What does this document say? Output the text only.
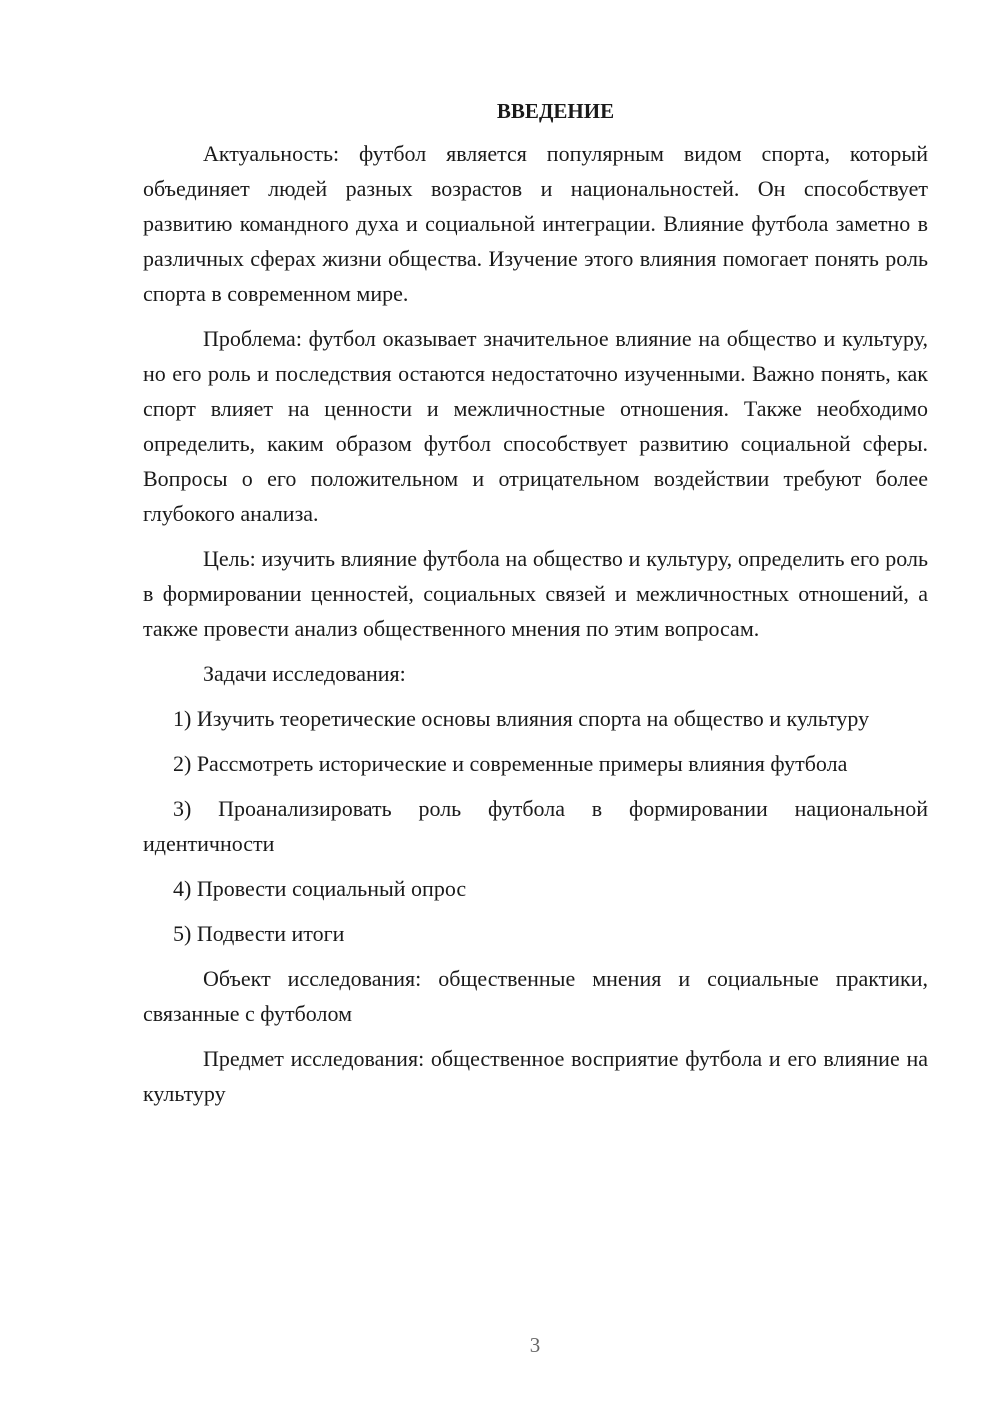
ВВЕДЕНИЕ

Актуальность: футбол является популярным видом спорта, который объединяет людей разных возрастов и национальностей. Он способствует развитию командного духа и социальной интеграции. Влияние футбола заметно в различных сферах жизни общества. Изучение этого влияния помогает понять роль спорта в современном мире.

Проблема: футбол оказывает значительное влияние на общество и культуру, но его роль и последствия остаются недостаточно изученными. Важно понять, как спорт влияет на ценности и межличностные отношения. Также необходимо определить, каким образом футбол способствует развитию социальной сферы. Вопросы о его положительном и отрицательном воздействии требуют более глубокого анализа.

Цель: изучить влияние футбола на общество и культуру, определить его роль в формировании ценностей, социальных связей и межличностных отношений, а также провести анализ общественного мнения по этим вопросам.

Задачи исследования:

1) Изучить теоретические основы влияния спорта на общество и культуру

2) Рассмотреть исторические и современные примеры влияния футбола

3) Проанализировать роль футбола в формировании национальной идентичности

4) Провести социальный опрос

5) Подвести итоги

Объект исследования: общественные мнения и социальные практики, связанные с футболом

Предмет исследования: общественное восприятие футбола и его влияние на культуру

3
